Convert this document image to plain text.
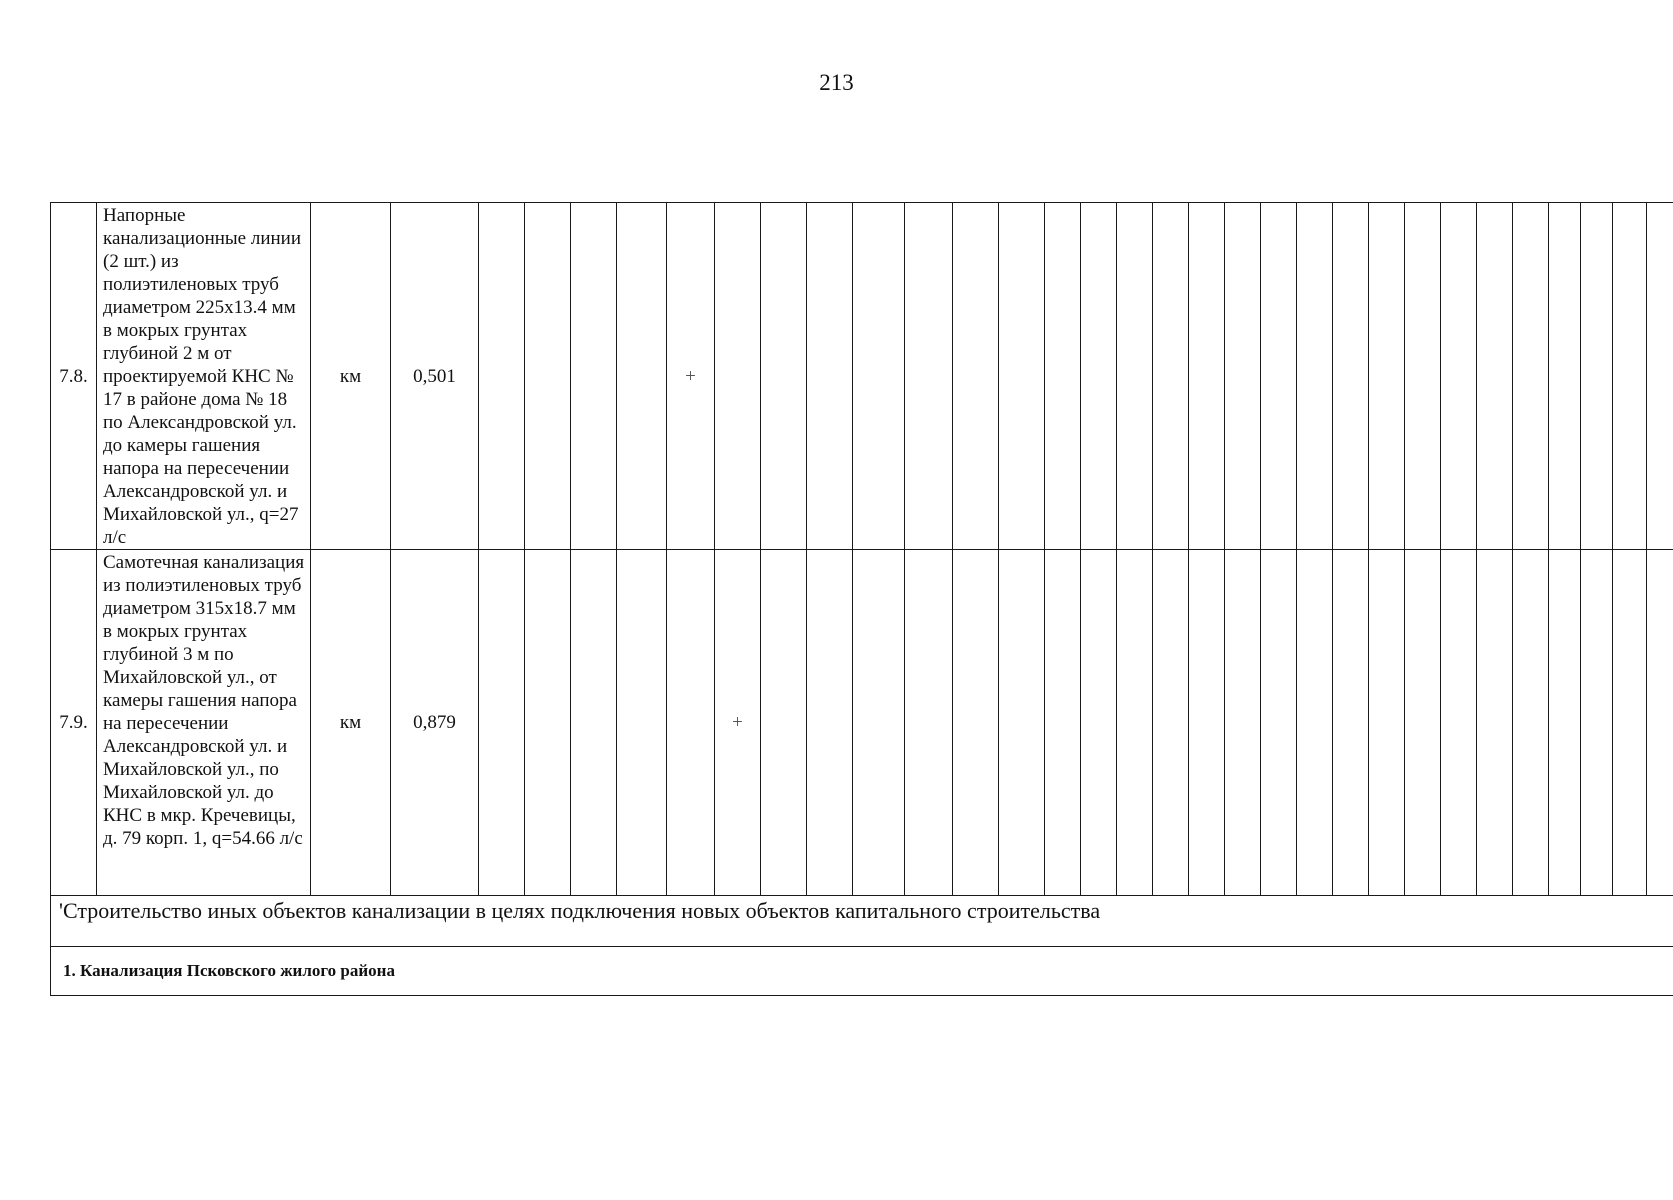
213
7.8.	Напорные канализационные линии (2 шт.) из полиэтиленовых труб диаметром 225x13.4 мм в мокрых грунтах глубиной 2 м от проектируемой КНС № 17 в районе дома № 18 по Александровской ул. до камеры гашения напора на пересечении Александровской ул. и Михайловской ул., q=27 л/с	км	0,501					+																									
7.9.	Самотечная канализация из полиэтиленовых труб диаметром 315x18.7 мм в мокрых грунтах глубиной 3 м по Михайловской ул., от камеры гашения напора на пересечении Александровской ул. и Михайловской ул., по Михайловской ул. до КНС в мкр. Кречевицы, д. 79 корп. 1, q=54.66 л/с	км	0,879						+																								
'Строительство иных объектов канализации в целях подключения новых объектов капитального строительства																																	
1. Канализация Псковского жилого района																																	
